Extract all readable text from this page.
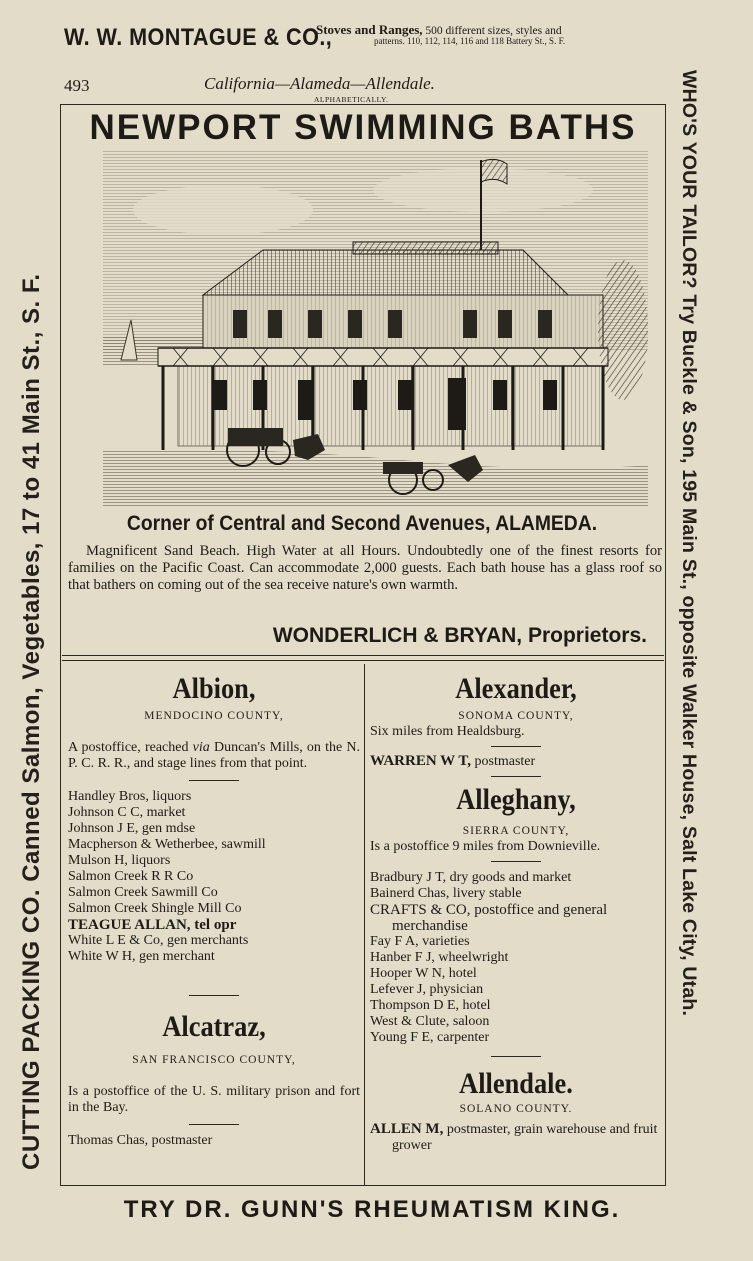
W. W. MONTAGUE & CO.,
Stoves and Ranges, 500 different sizes, styles and
patterns. 110, 112, 114, 116 and 118 Battery St., S. F.
CUTTING PACKING CO. Canned Salmon, Vegetables, 17 to 41 Main St., S. F.	WHO'S YOUR TAILOR? Try Buckle & Son, 195 Main St., opposite Walker House, Salt Lake City, Utah.
493	California—Alameda—Allendale.
ALPHABETICALLY.
NEWPORT SWIMMING BATHS
Corner of Central and Second Avenues, ALAMEDA.

Magnificent Sand Beach. High Water at all Hours. Undoubtedly one of the finest resorts for families on the Pacific Coast. Can accommodate 2,000 guests. Each bath house has a glass roof so that bathers on coming out of the sea receive nature's own warmth.

WONDERLICH & BRYAN, Proprietors.
Albion,
MENDOCINO COUNTY,

A postoffice, reached via Duncan's Mills, on the N. P. C. R. R., and stage lines from that point.

Handley Bros, liquors

Johnson C C, market

Johnson J E, gen mdse

Macpherson & Wetherbee, sawmill

Mulson H, liquors

Salmon Creek R R Co

Salmon Creek Sawmill Co

Salmon Creek Shingle Mill Co

TEAGUE ALLAN, tel opr

White L E & Co, gen merchants

White W H, gen merchant

Alcatraz,
SAN FRANCISCO COUNTY,

Is a postoffice of the U. S. military prison and fort in the Bay.

Thomas Chas, postmaster

Alexander,
SONOMA COUNTY,

Six miles from Healdsburg.

WARREN W T, postmaster

Alleghany,
SIERRA COUNTY,

Is a postoffice 9 miles from Downieville.

Bradbury J T, dry goods and market

Bainerd Chas, livery stable

CRAFTS & CO, postoffice and general merchandise

Fay F A, varieties

Hanber F J, wheelwright

Hooper W N, hotel

Lefever J, physician

Thompson D E, hotel

West & Clute, saloon

Young F E, carpenter

Allendale.
SOLANO COUNTY.

ALLEN M, postmaster, grain warehouse and fruit grower

TRY DR. GUNN'S RHEUMATISM KING.
